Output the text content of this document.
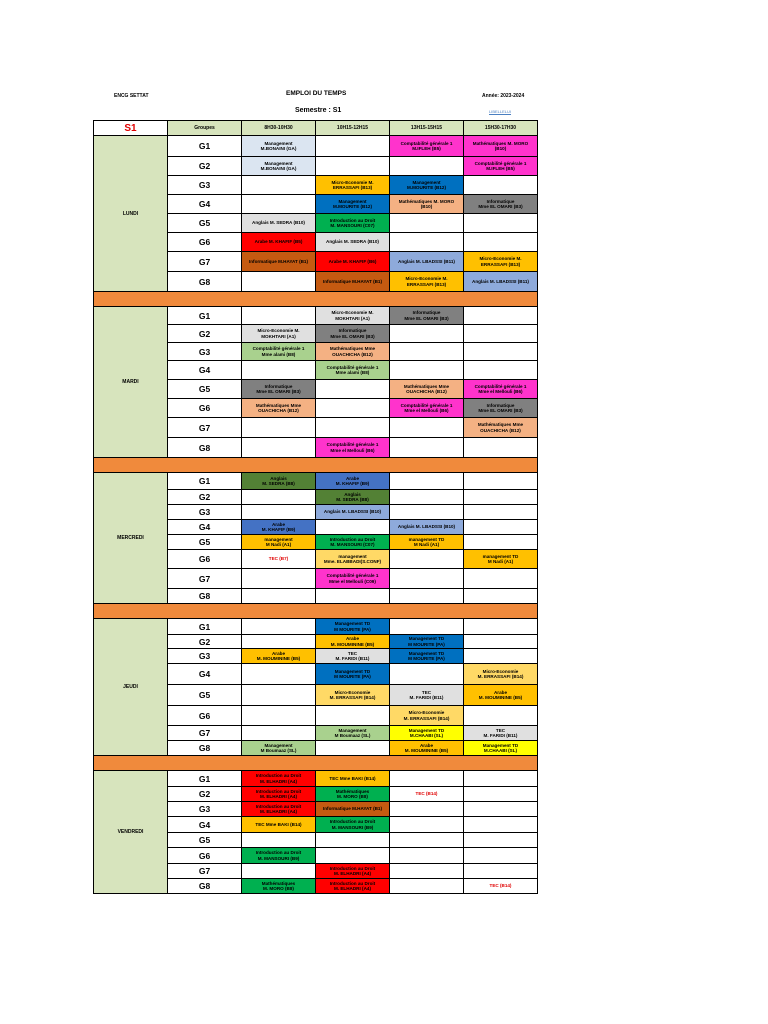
ENCG SETTAT	EMPLOI DU TEMPS	Année: 2023-2024
Semestre : S1	LIBELLELUI
S1	Groupes	8H30-10H30	10H15-12H15	13H15-15H15	15H30-17H30
LUNDI	G1	Management
M.BONAINI (GA)		Comptabilité générale 1
M.IFLEH (B5)	Mathématiques M. MORO
(B10)

	G2	Management
M.BONAINI (GA)			Comptabilité générale 1
M.IFLEH (B5)

	G3		Micro-Economie M.
ERRASSAFI (B13)	Management
M.MOURITE (B12)	

	G4		Management
M.MOURITE (B12)	Mathématiques M. MORO
(B10)	Informatique
Mme EL OMARI (B3)

	G5	Anglais M. SEDRA (B10)	Introduction au Droit
M. MANSOURI (C07)		

	G6	Arabe M. KHAFIF (B5)	Anglais M. SEDRA (B10)		

	G7	Informatique M.HAYAT (B1)	Arabe M. KHAFIF (B6)	Anglais M. LBADSSI (B11)	Micro-Economie M.
ERRASSAFI (B13)

	G8		Informatique M.HAYAT (B1)	Micro-Economie M.
ERRASSAFI (B13)	Anglais M. LBADSSI (B11)

MARDI	G1		Micro-Economie M.
MOKHTARI (A1)	Informatique
Mme EL OMARI (B3)	

	G2	Micro-Economie M.
MOKHTARI (A1)	Informatique
Mme EL OMARI (B3)		

	G3	Comptabilité générale 1
Mme alami (B8)	Mathématiques Mme
OUACHICHA (B12)		

	G4		Comptabilité générale 1
Mme alami (B8)		

	G5	Informatique
Mme EL OMARI (B3)		Mathématiques Mme
OUACHICHA (B12)	Comptabilité générale 1
Mme el Mellouli (B6)

	G6	Mathématiques Mme
OUACHICHA (B12)		Comptabilité générale 1
Mme el Mellouli (B6)	Informatique
Mme EL OMARI (B3)

	G7				Mathématiques Mme
OUACHICHA (B12)

	G8		Comptabilité générale 1
Mme el Mellouli (B6)		

MERCREDI	G1	Anglais
M. SEDRA (B8)	Arabe
M. KHAFIF (B9)		

	G2		Anglais
M. SEDRA (B8)		

	G3		Anglais M. LBADSSI (B10)		

	G4	Arabe
M. KHAFIF (B9)		Anglais M. LBADSSI (B10)	

	G5	management
M Nadi (A1)	Introduction au Droit
M. MANSOURI (C07)	management TD
M Nadi (A1)	

	G6	TEC (B7)	management
Mme. ELABBADI(S.CONF)		management TD
M Nadi (A1)

	G7		Comptabilité générale 1
Mme el Mellouli (C09)		

	G8				

JEUDI	G1		Management TD
M MOURITE (PA)		

	G2		Arabe
M. MOUMININE (B5)	Management TD
M MOURITE (PA)	

	G3	Arabe
M. MOUMININE (B5)	TEC
M. FARIDI (B11)	Management TD
M MOURITE (PA)	

	G4		Management TD
M MOURITE (PA)		Micro-Economie
M. ERRASSAFI (B14)

	G5		Micro-Economie
M. ERRASSAFI (B14)	TEC
M. FARIDI (B11)	Arabe
M. MOUMININE (B5)

	G6			Micro-Economie
M. ERRASSAFI (B14)	

	G7		Management
M Boumaaz (SL)	Management TD
M.CHAABI (SL)	TEC
M. FARIDI (B11)

	G8	Management
M Boumaaz (SL)		Arabe
M. MOUMININE (B5)	Management TD
M.CHAABI (SL)

VENDREDI	G1	Introduction au Droit
M. ELHADRI (A4)	TEC Mme BAKI (B14)		

	G2	Introduction au Droit
M. ELHADRI (A4)	Mathématiques
M. MORO (B8)	TEC (B14)	

	G3	Introduction au Droit
M. ELHADRI (A4)	Informatique M.HAYAT (B1)		

	G4	TEC Mme BAKI (B14)	Introduction au Droit
M. MANSOURI (B9)		

	G5				
	G6	Introduction au Droit
M. MANSOURI (B9)			

	G7		Introduction au Droit
M. ELHADRI (A4)		

	G8	Mathématiques
M. MORO (B8)	Introduction au Droit
M. ELHADRI (A4)		TEC (B14)
